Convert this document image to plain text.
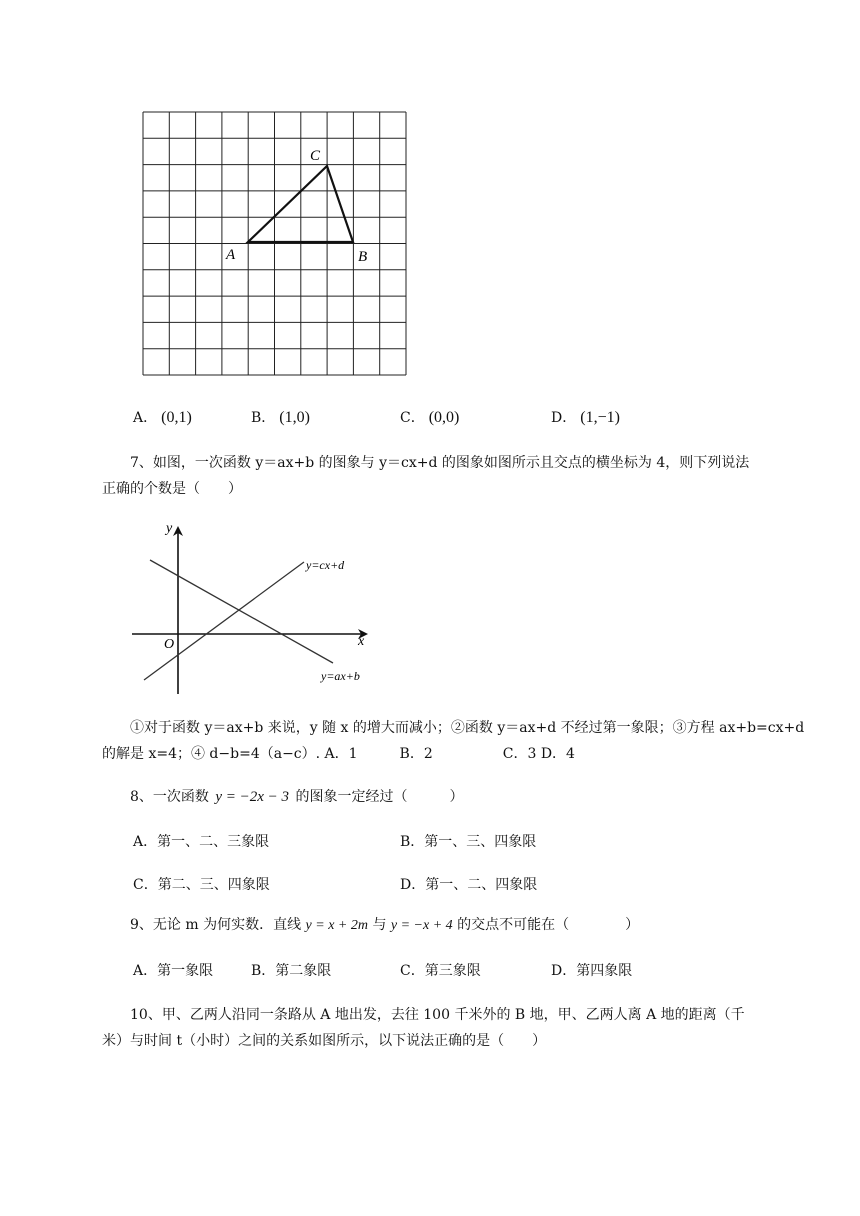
A	B
C
A． (0,1)	B． (1,0)	C． (0,0)	D． (1,−1)
7、如图，一次函数 y＝ax+b 的图象与 y＝cx+d 的图象如图所示且交点的横坐标为 4，则下列说法
正确的个数是（　　）
y
x
O
y=cx+d
y=ax+b
①对于函数 y＝ax+b 来说，y 随 x 的增大而减小；②函数 y＝ax+d 不经过第一象限；③方程 ax+b=cx+d
的解是 x=4；④ d−b=4（a−c）. A．1　　　B．2　　　　　C．3 D．4
8、一次函数 y = −2x − 3 的图象一定经过（　　　）
A．第一、二、三象限	B．第一、三、四象限
C．第二、三、四象限	D．第一、二、四象限
9、无论 m 为何实数．直线 y = x + 2m 与 y = −x + 4 的交点不可能在（　　　　）
A．第一象限	B．第二象限	C．第三象限	D．第四象限
10、甲、乙两人沿同一条路从 A 地出发，去往 100 千米外的 B 地，甲、乙两人离 A 地的距离（千
米）与时间 t（小时）之间的关系如图所示，以下说法正确的是（　　）
